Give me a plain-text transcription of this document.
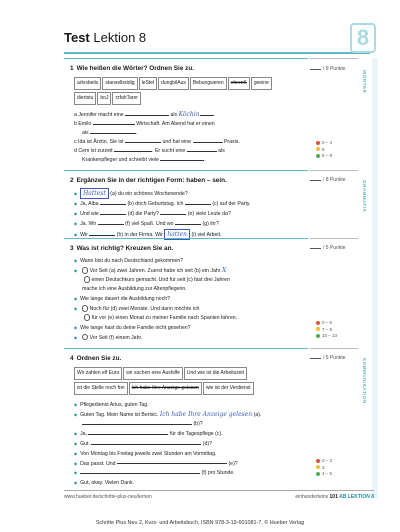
Test Lektion 8	8
1 Wie heißen die Wörter? Ordnen Sie zu.
arlosbeits stanselbstdig leStel dungbilAus Bebungweren ehrenK geeine
diertstu boJ rzfahTarer
a Jennifer macht eine	als Köchin
b Emilo	Wirtschaft. Am Abend hat er einen
als	.
c Ida ist Ärztin. Sie ist	und hat eine	Praxis.
d Cem ist zurzeit	. Er sucht eine	als
Krankenpfleger und schreibt viele	.
2 Ergänzen Sie in der richtigen Form: haben – sein.
◆ Hattest (a) du ein schönes Wochenende?
◆ Ja, Alba	(b) doch Geburtstag. Ich	(c) auf der Party.
◆ Und wie	(d) die Party?	(e) viele Leute da?
◆ Ja. Wir	(f) viel Spaß. Und wo	(g) ihr?
◆ Wir	(h) in der Firma. Wir hatten (i) viel Arbeit.
3 Was ist richtig? Kreuzen Sie an.
◆ Wann bist du nach Deutschland gekommen?
◆ Vor Seit (a) zwei Jahren. Zuerst habe ich seit (b) ein Jahr X
einen Deutschkurs gemacht. Und für seit (c) fast drei Jahren
mache ich eine Ausbildung zur Altenpflegerin.
◆ Wie lange dauert die Ausbildung noch?
◆ Noch für (d) zwei Monate. Und dann möchte ich
für vor (e) einen Monat zu meiner Familie nach Spanien fahren.
◆ Wie lange hast du deine Familie nicht gesehen?
◆ Vor Seit (f) einem Jahr.
4 Ordnen Sie zu.
Wir zahlen elf Euro wir suchen eine Aushilfe Und wie ist die Arbeitszeit
ist die Stelle noch frei Ich habe Ihre Anzeige gelesen wie ist der Verdienst
◆ Pflegedienst Arius, guten Tag.
◆ Guten Tag. Mein Name ist Berisic. Ich habe Ihre Anzeige gelesen (a).
(b)?
◆ Ja,	für die Tagespflege (c).
◆ Gut.	(d)?
◆ Von Montag bis Freitag jeweils zwei Stunden am Vormittag.
◆ Das passt. Und	(e)?
◆ (f) pro Stunde.
◆ Gut, okay. Vielen Dank.
/ 9 Punkte
0 – 4
5
6 – 9
/ 8 Punkte
/ 5 Punkte
0 – 6
7 – 9
10 – 13
/ 5 Punkte
0 – 2
3
4 – 5
WÖRTER
GRAMMATIK
KOMMUNIKATION
www.hueber.de/schritte-plus-neu/lernen	einhunderteins 101 AB LEKTION 8
Schritte Plus Neu 2, Kurs- und Arbeitsbuch, ISBN 978-3-19-601081-7, © Hueber Verlag
